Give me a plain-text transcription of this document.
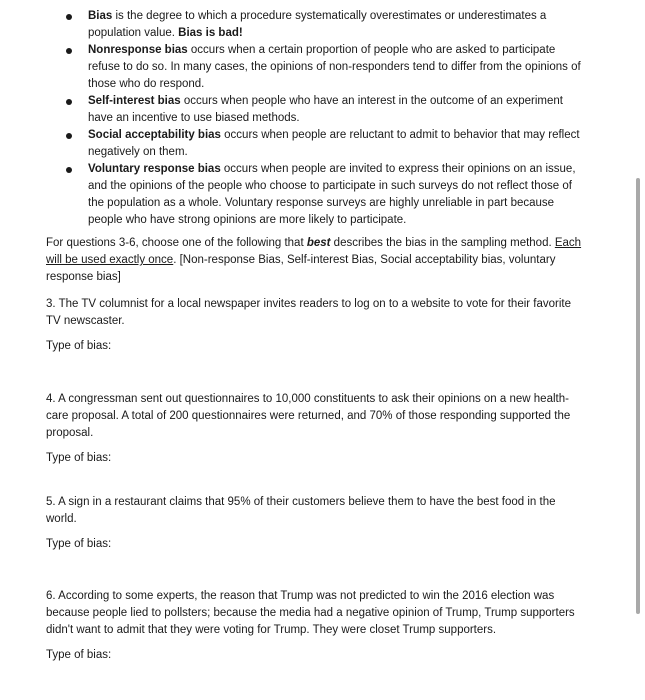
Bias is the degree to which a procedure systematically overestimates or underestimates a population value. Bias is bad!
Nonresponse bias occurs when a certain proportion of people who are asked to participate refuse to do so. In many cases, the opinions of non-responders tend to differ from the opinions of those who do respond.
Self-interest bias occurs when people who have an interest in the outcome of an experiment have an incentive to use biased methods.
Social acceptability bias occurs when people are reluctant to admit to behavior that may reflect negatively on them.
Voluntary response bias occurs when people are invited to express their opinions on an issue, and the opinions of the people who choose to participate in such surveys do not reflect those of the population as a whole. Voluntary response surveys are highly unreliable in part because people who have strong opinions are more likely to participate.

For questions 3-6, choose one of the following that best describes the bias in the sampling method. Each will be used exactly once. [Non-response Bias, Self-interest Bias, Social acceptability bias, voluntary response bias]

3. The TV columnist for a local newspaper invites readers to log on to a website to vote for their favorite TV newscaster.

Type of bias:

4. A congressman sent out questionnaires to 10,000 constituents to ask their opinions on a new health-care proposal. A total of 200 questionnaires were returned, and 70% of those responding supported the proposal.

Type of bias:

5. A sign in a restaurant claims that 95% of their customers believe them to have the best food in the world.

Type of bias:

6. According to some experts, the reason that Trump was not predicted to win the 2016 election was because people lied to pollsters; because the media had a negative opinion of Trump, Trump supporters didn't want to admit that they were voting for Trump. They were closet Trump supporters.

Type of bias:
